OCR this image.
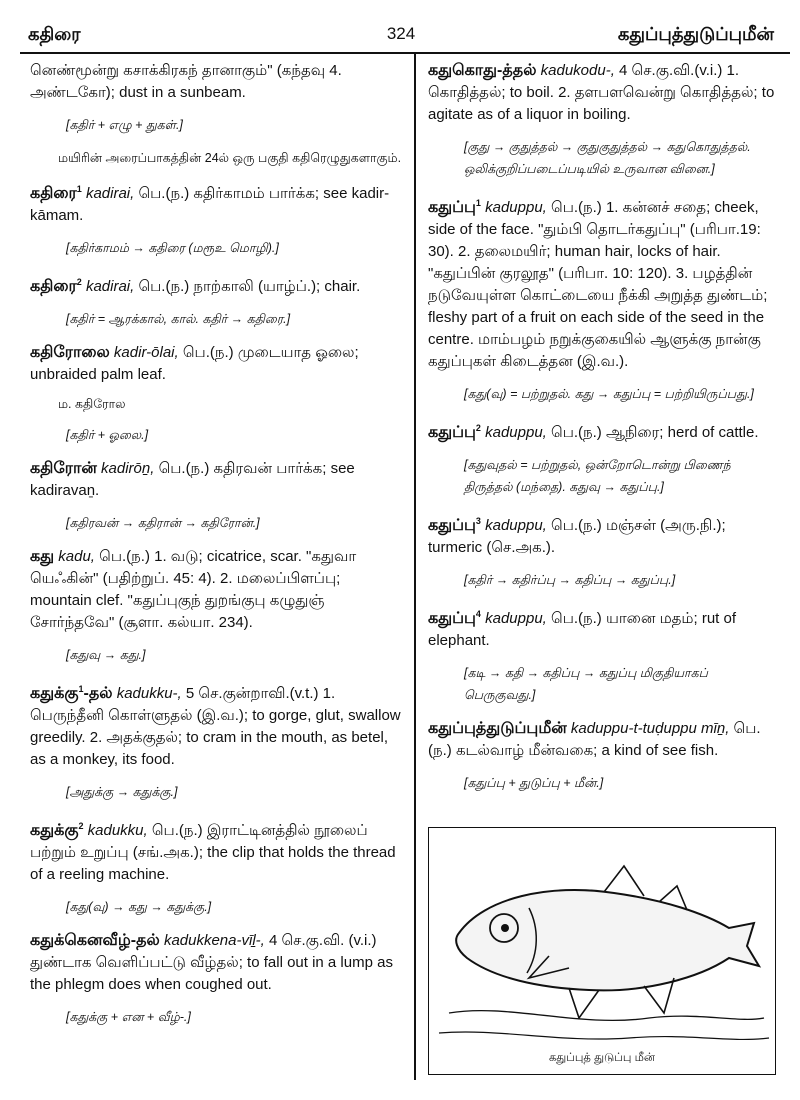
கதிரை	324	கதுப்புத்துடுப்புமீன்
னெண்மூன்று கசாக்கிரகந் தானாகும்" (கந்தவு 4. அண்டகோ); dust in a sunbeam.
[கதிர் + எழு + துகள்.]
மயிரின் அரைப்பாகத்தின் 24ல் ஒரு பகுதி கதிரெழுதுகளாகும்.
கதிரை$^1$ kadirai, பெ.(ந.) கதிர்காமம் பார்க்க; see kadir-kāmam.
[கதிர்காமம் → கதிரை (மரூஉ மொழி).]
கதிரை$^2$ kadirai, பெ.(ந.) நாற்காலி (யாழ்ப்.); chair.
[கதிர் = ஆரக்கால், கால். கதிர் → கதிரை.]
கதிரோலை kadir-ōlai, பெ.(ந.) முடையாத ஓலை; unbraided palm leaf.
ம. கதிரோல
[கதிர் + ஓலை.]
கதிரோன் kadirōṉ, பெ.(ந.) கதிரவன் பார்க்க; see kadiravaṉ.
[கதிரவன் → கதிரான் → கதிரோன்.]
கது kadu, பெ.(ந.) 1. வடு; cicatrice, scar. "கதுவா யெஃகின்" (பதிற்றுப். 45: 4). 2. மலைப்பிளப்பு; mountain clef. "கதுப்புகுந் துறங்குபு கழுதுஞ் சோர்ந்தவே" (சூளா. கல்யா. 234).
[கதுவு → கது.]
கதுக்கு$^1$-தல் kadukku-, 5 செ.குன்றாவி.(v.t.) 1. பெருந்தீனி கொள்ளுதல் (இ.வ.); to gorge, glut, swallow greedily. 2. அதக்குதல்; to cram in the mouth, as betel, as a monkey, its food.
[அதுக்கு → கதுக்கு.]
கதுக்கு$^2$ kadukku, பெ.(ந.) இராட்டினத்தில் நூலைப் பற்றும் உறுப்பு (சங்.அக.); the clip that holds the thread of a reeling machine.
[கது(வு) → கது → கதுக்கு.]
கதுக்கெனவீழ்-தல் kadukkena-vīḻ-, 4 செ.கு.வி. (v.i.) துண்டாக வெளிப்பட்டு வீழ்தல்; to fall out in a lump as the phlegm does when coughed out.
[கதுக்கு + என + வீழ்-.]
கதுகொது-த்தல் kadukodu-, 4 செ.கு.வி.(v.i.) 1. கொதித்தல்; to boil. 2. தளபளவென்று கொதித்தல்; to agitate as of a liquor in boiling.
[குது → குதுத்தல் → குதுகுதுத்தல் → கதுகொதுத்தல். ஒலிக்குறிப்படைப்படியில் உருவான வினை.]
கதுப்பு$^1$ kaduppu, பெ.(ந.) 1. கன்னச் சதை; cheek, side of the face. "தும்பி தொடர்கதுப்பு" (பரிபா.19: 30). 2. தலைமயிர்; human hair, locks of hair. "கதுப்பின் குரலூத" (பரிபா. 10: 120). 3. பழத்தின் நடுவேயுள்ள கொட்டையை நீக்கி அறுத்த துண்டம்; fleshy part of a fruit on each side of the seed in the centre. மாம்பழம் நறுக்குகையில் ஆளுக்கு நான்கு கதுப்புகள் கிடைத்தன (இ.வ.).
[கது(வு) = பற்றுதல். கது → கதுப்பு = பற்றியிருப்பது.]
கதுப்பு$^2$ kaduppu, பெ.(ந.) ஆநிரை; herd of cattle.
[கதுவுதல் = பற்றுதல், ஒன்றோடொன்று பிணைந் திருத்தல் (மந்தை). கதுவு → கதுப்பு.]
கதுப்பு$^3$ kaduppu, பெ.(ந.) மஞ்சள் (அரு.நி.); turmeric (செ.அக.).
[கதிர் → கதிர்ப்பு → கதிப்பு → கதுப்பு.]
கதுப்பு$^4$ kaduppu, பெ.(ந.) யானை மதம்; rut of elephant.
[கடி → கதி → கதிப்பு → கதுப்பு மிகுதியாகப் பெருகுவது.]
கதுப்புத்துடுப்புமீன் kaduppu-t-tuḍuppu mīṉ, பெ.(ந.) கடல்வாழ் மீன்வகை; a kind of see fish.
[கதுப்பு + துடுப்பு + மீன்.]
கதுப்புத் துடுப்பு மீன்
